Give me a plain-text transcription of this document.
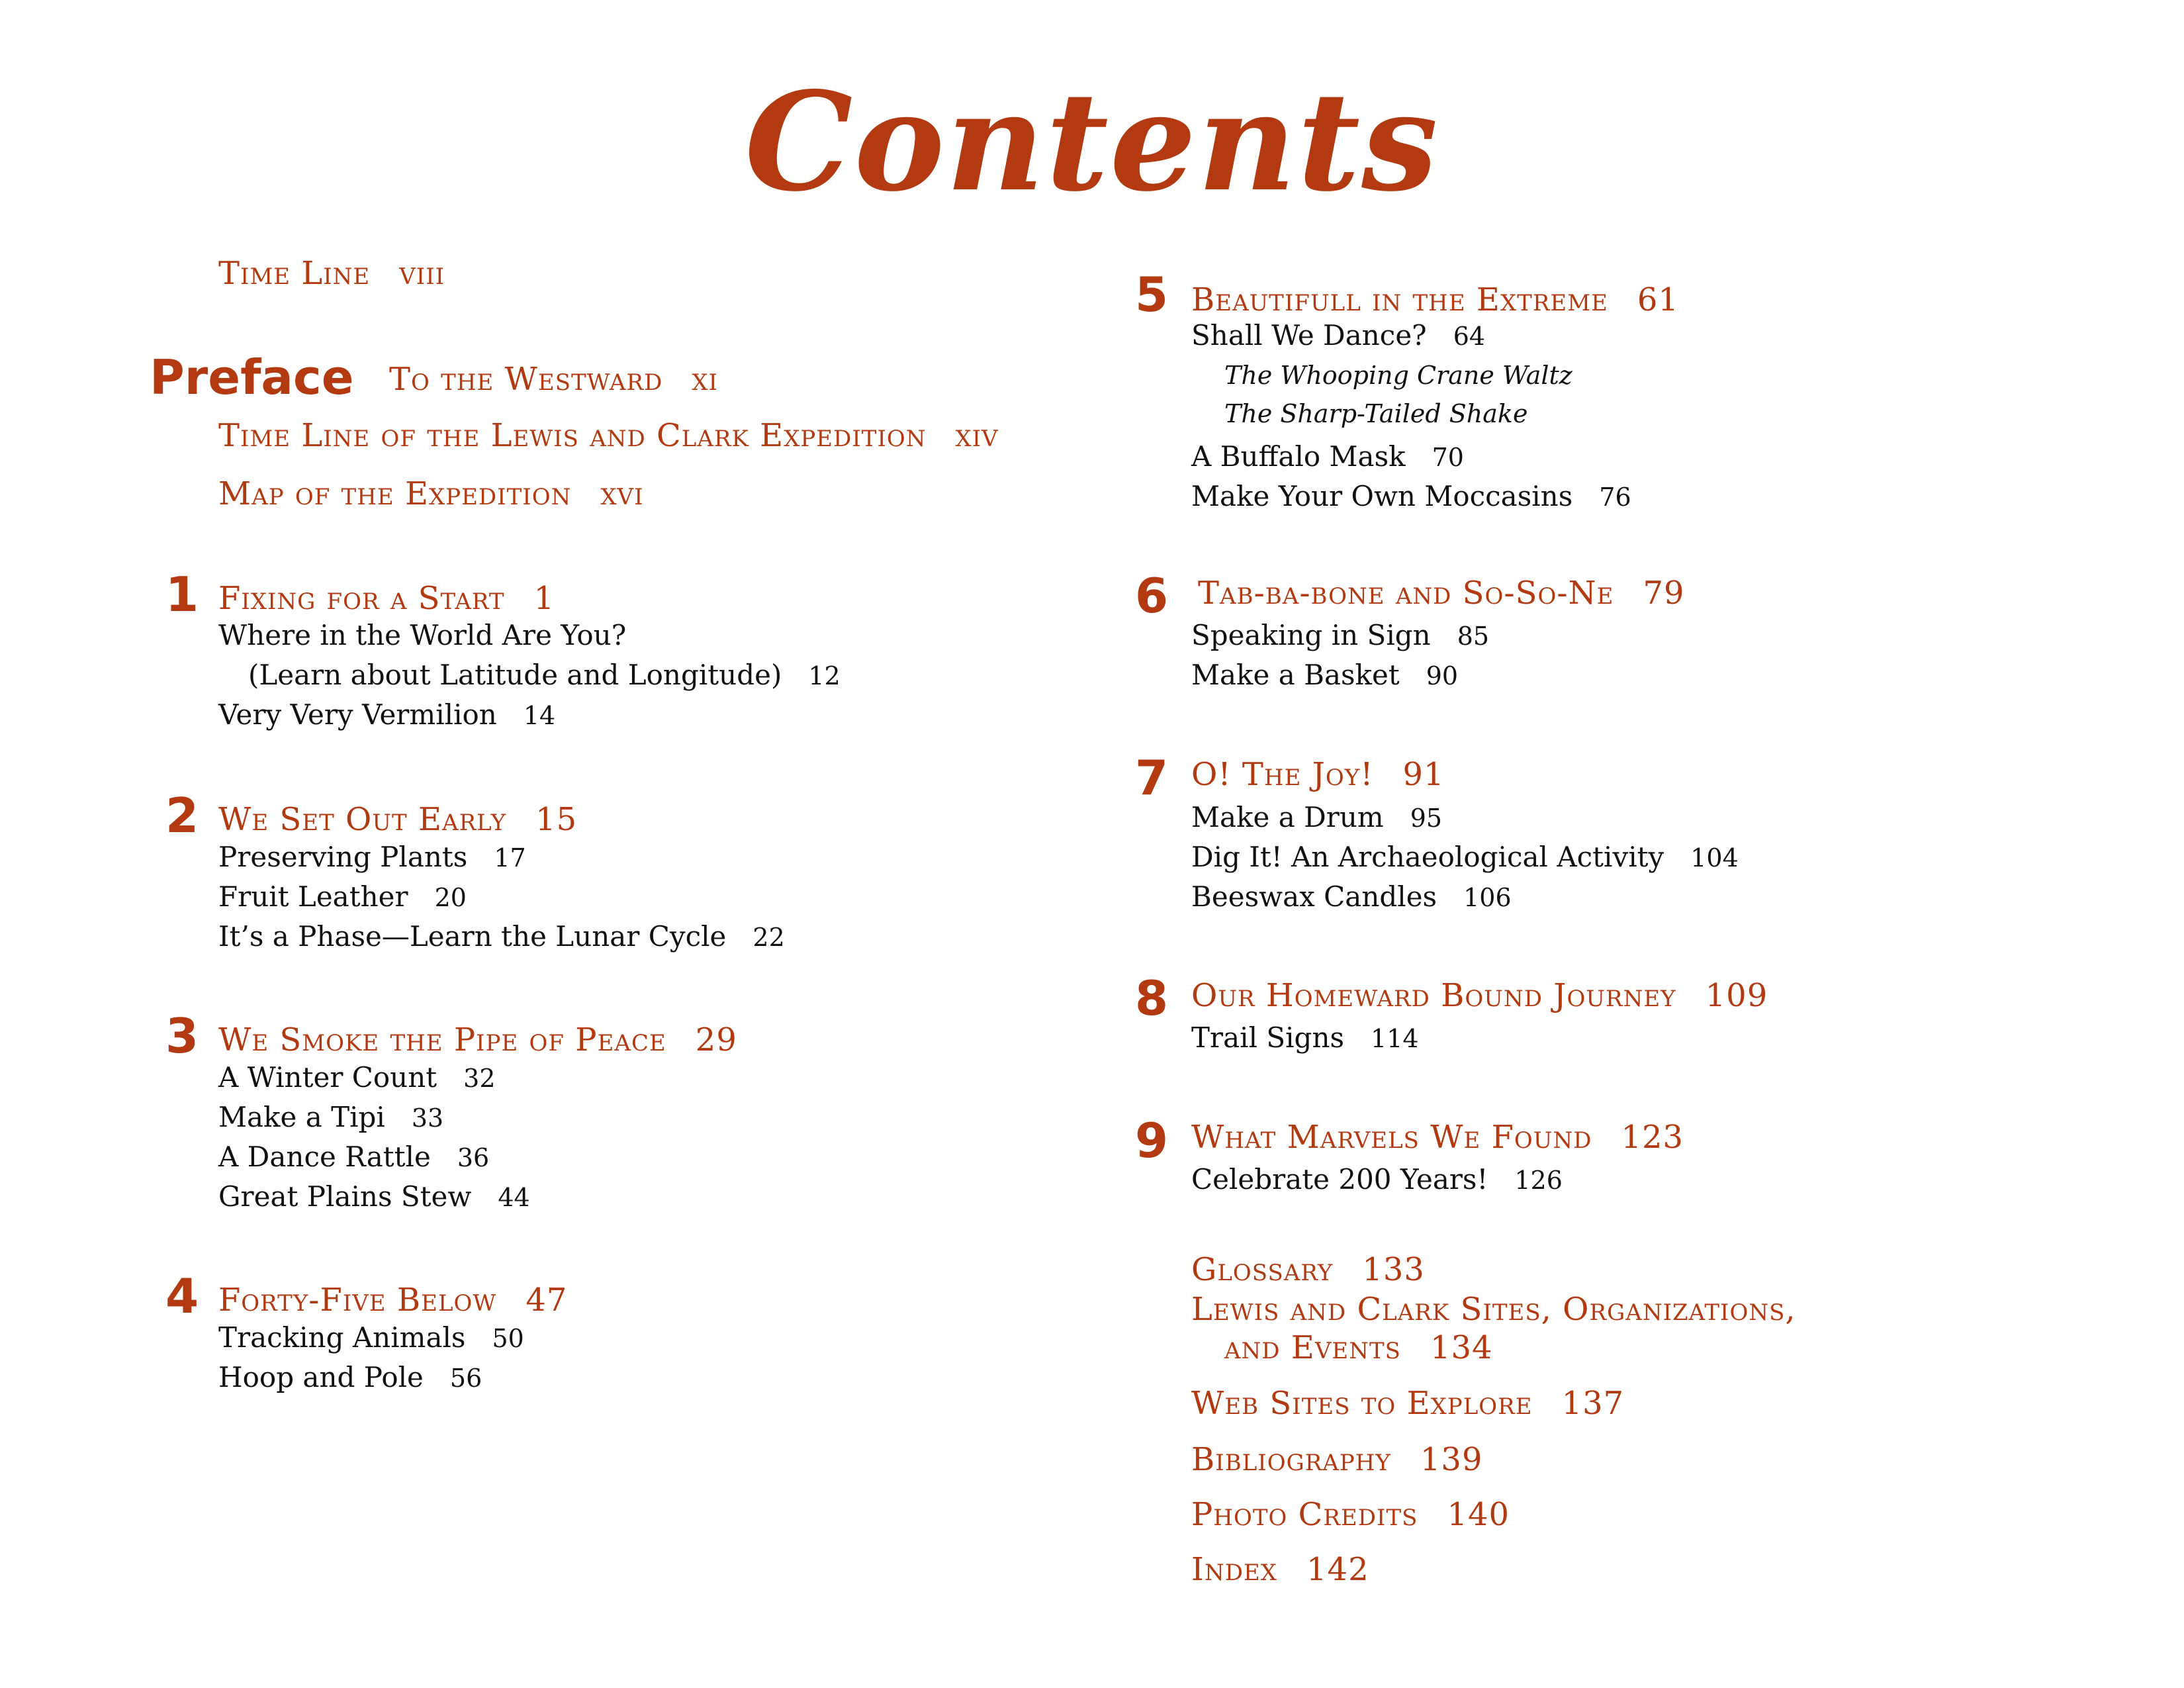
Contents
Time Line viii
Preface To the Westward xi
Time Line of the Lewis and Clark Expedition xiv
Map of the Expedition xvi
1 Fixing for a Start 1
Where in the World Are You?
(Learn about Latitude and Longitude) 12
Very Very Vermilion 14
2 We Set Out Early 15
Preserving Plants 17
Fruit Leather 20
It’s a Phase—Learn the Lunar Cycle 22
3 We Smoke the Pipe of Peace 29
A Winter Count 32
Make a Tipi 33
A Dance Rattle 36
Great Plains Stew 44
4 Forty-Five Below 47
Tracking Animals 50
Hoop and Pole 56
5 Beautifull in the Extreme 61
Shall We Dance? 64
The Whooping Crane Waltz
The Sharp-Tailed Shake
A Buffalo Mask 70
Make Your Own Moccasins 76
6 Tab-ba-bone and So-So-Ne 79
Speaking in Sign 85
Make a Basket 90
7 O! The Joy! 91
Make a Drum 95
Dig It! An Archaeological Activity 104
Beeswax Candles 106
8 Our Homeward Bound Journey 109
Trail Signs 114
9 What Marvels We Found 123
Celebrate 200 Years! 126
Glossary 133
Lewis and Clark Sites, Organizations,
and Events 134
Web Sites to Explore 137
Bibliography 139
Photo Credits 140
Index 142
